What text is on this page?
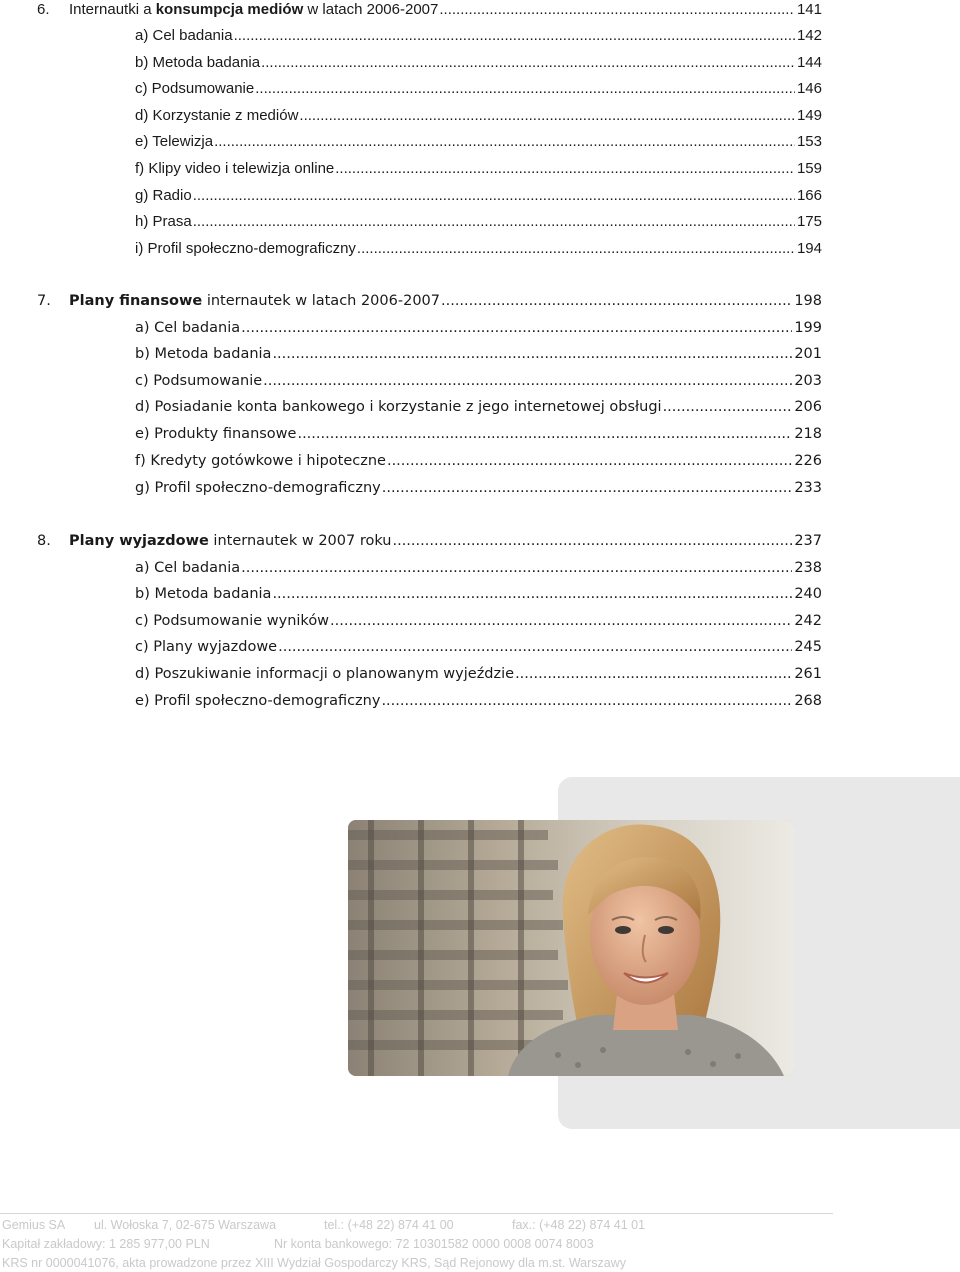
6. Internautki a konsumpcja mediów w latach 2006-2007 .....	141
a) Cel badania .....	142
b) Metoda badania .....	144
c) Podsumowanie .....	146
d) Korzystanie z mediów .....	149
e) Telewizja .....	153
f) Klipy video i telewizja online .....	159
g) Radio .....	166
h) Prasa .....	175
i) Profil społeczno-demograficzny .....	194
7. Plany finansowe internautek w latach 2006-2007 .....	198
a) Cel badania .....	199
b) Metoda badania .....	201
c) Podsumowanie .....	203
d) Posiadanie konta bankowego i korzystanie z jego internetowej obsługi .....	206
e) Produkty finansowe .....	218
f) Kredyty gotówkowe i hipoteczne .....	226
g) Profil społeczno-demograficzny .....	233
8. Plany wyjazdowe internautek w 2007 roku .....	237
a) Cel badania .....	238
b) Metoda badania .....	240
c) Podsumowanie wyników .....	242
c) Plany wyjazdowe .....	245
d) Poszukiwanie informacji o planowanym wyjeździe .....	261
e) Profil społeczno-demograficzny .....	268
Gemius SA ul. Wołoska 7, 02-675 Warszawa	tel.: (+48 22) 874 41 00	fax.: (+48 22) 874 41 01
Kapitał zakładowy: 1 285 977,00 PLN	Nr konta bankowego: 72 10301582 0000 0008 0074 8003
KRS nr 0000041076, akta prowadzone przez XIII Wydział Gospodarczy KRS, Sąd Rejonowy dla m.st. Warszawy
